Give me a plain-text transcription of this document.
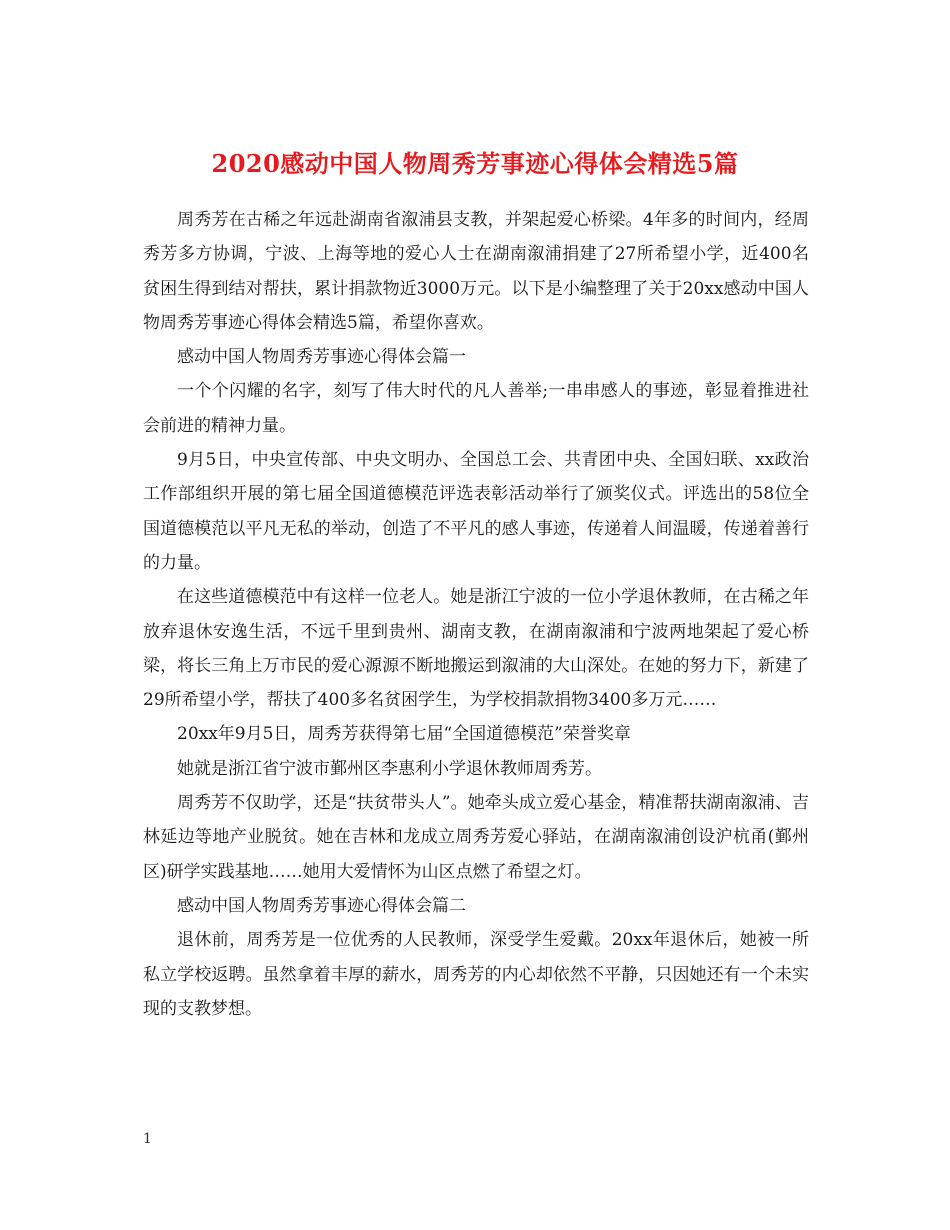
2020感动中国人物周秀芳事迹心得体会精选5篇

周秀芳在古稀之年远赴湖南省溆浦县支教，并架起爱心桥梁。4年多的时间内，经周秀芳多方协调，宁波、上海等地的爱心人士在湖南溆浦捐建了27所希望小学，近400名贫困生得到结对帮扶，累计捐款物近3000万元。以下是小编整理了关于20xx感动中国人物周秀芳事迹心得体会精选5篇，希望你喜欢。

感动中国人物周秀芳事迹心得体会篇一

一个个闪耀的名字，刻写了伟大时代的凡人善举;一串串感人的事迹，彰显着推进社会前进的精神力量。

9月5日，中央宣传部、中央文明办、全国总工会、共青团中央、全国妇联、xx政治工作部组织开展的第七届全国道德模范评选表彰活动举行了颁奖仪式。评选出的58位全国道德模范以平凡无私的举动，创造了不平凡的感人事迹，传递着人间温暖，传递着善行的力量。

在这些道德模范中有这样一位老人。她是浙江宁波的一位小学退休教师，在古稀之年放弃退休安逸生活，不远千里到贵州、湖南支教，在湖南溆浦和宁波两地架起了爱心桥梁，将长三角上万市民的爱心源源不断地搬运到溆浦的大山深处。在她的努力下，新建了29所希望小学，帮扶了400多名贫困学生，为学校捐款捐物3400多万元……

20xx年9月5日，周秀芳获得第七届“全国道德模范”荣誉奖章

她就是浙江省宁波市鄞州区李惠利小学退休教师周秀芳。

周秀芳不仅助学，还是“扶贫带头人”。她牵头成立爱心基金，精准帮扶湖南溆浦、吉林延边等地产业脱贫。她在吉林和龙成立周秀芳爱心驿站，在湖南溆浦创设沪杭甬(鄞州区)研学实践基地……她用大爱情怀为山区点燃了希望之灯。

感动中国人物周秀芳事迹心得体会篇二

退休前，周秀芳是一位优秀的人民教师，深受学生爱戴。20xx年退休后，她被一所私立学校返聘。虽然拿着丰厚的薪水，周秀芳的内心却依然不平静，只因她还有一个未实现的支教梦想。

1
